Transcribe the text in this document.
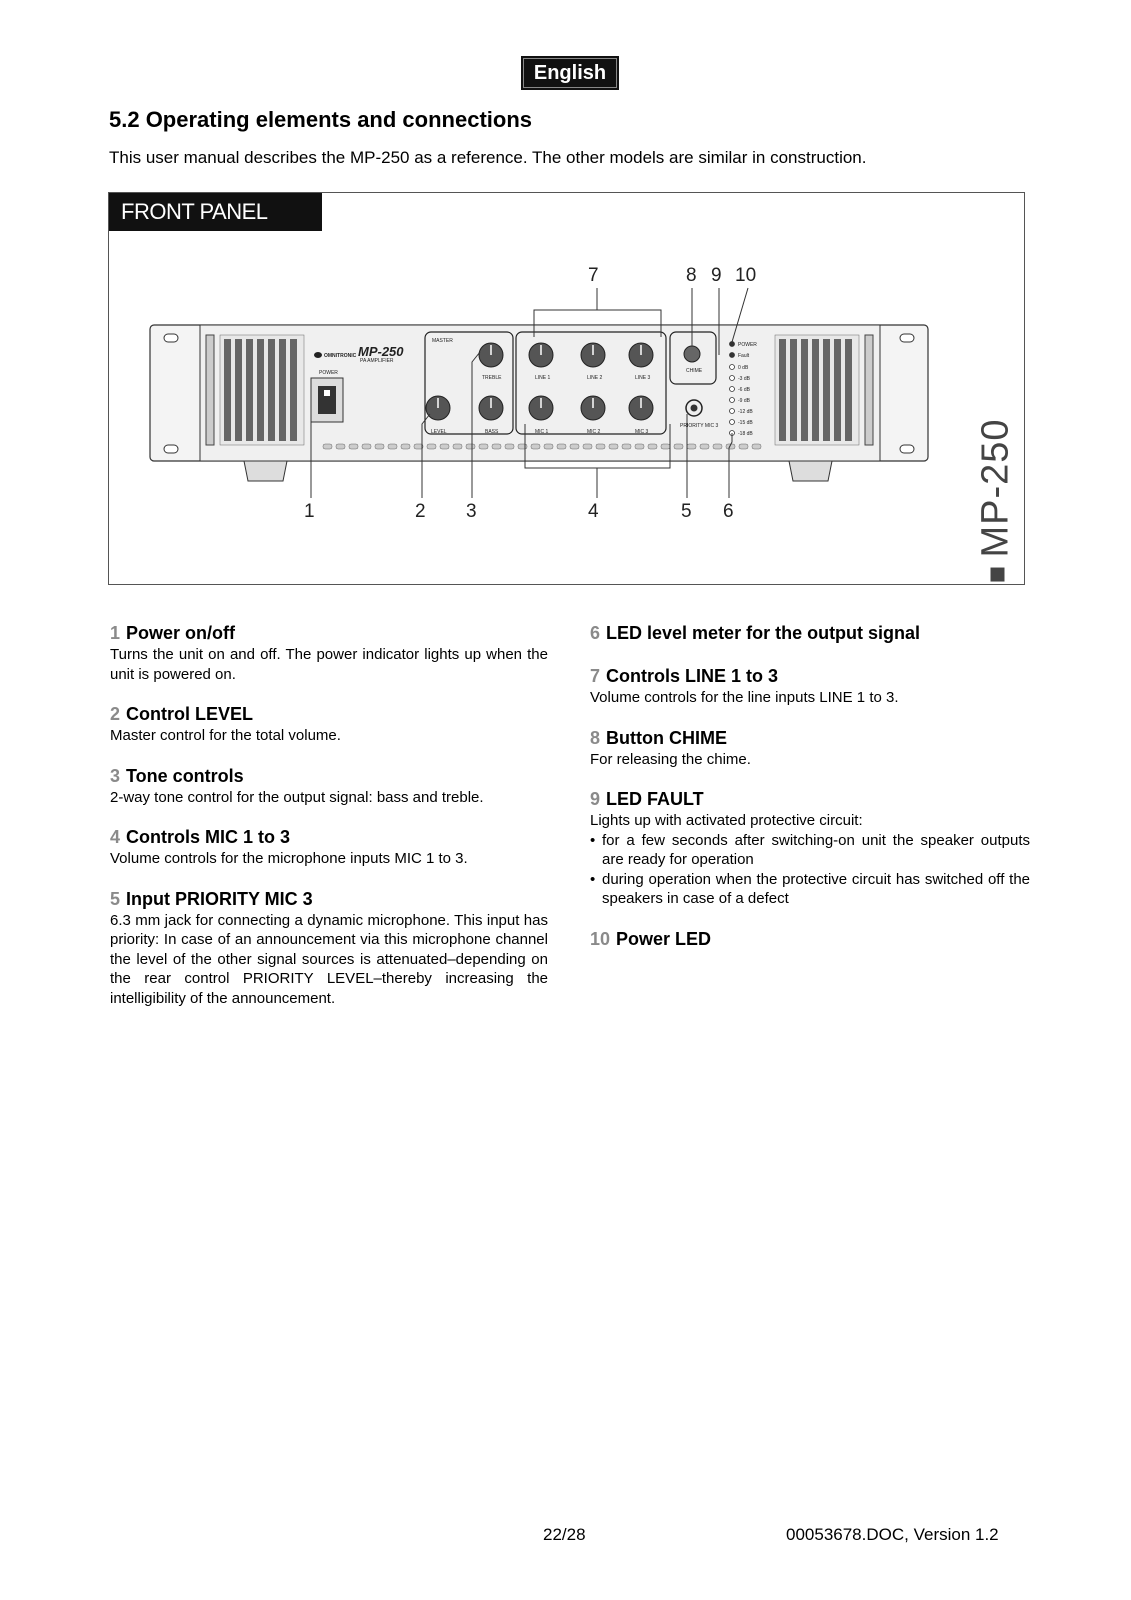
English
5.2 Operating elements and connections
This user manual describes the MP-250 as a reference. The other models are similar in construction.
FRONT PANEL
OMNITRONIC MP-250
PA AMPLIFIER
POWER
MASTER
LEVEL	BASS
TREBLE
MIC 1	MIC 2	MIC 3
LINE 1	LINE 2	LINE 3
CHIME
PRIORITY MIC 3
POWER
Fault
0 dB
-3 dB
-6 dB
-9 dB
-12 dB
-15 dB
-18 dB
7	8 9 10
1	2 3	4	5 6	MP-250
1 Power on/off
Turns the unit on and off. The power indicator lights up when the unit is powered on.
2 Control LEVEL
Master control for the total volume.
3 Tone controls
2-way tone control for the output signal: bass and treble.
4 Controls MIC 1 to 3
Volume controls for the microphone inputs MIC 1 to 3.
5 Input PRIORITY MIC 3
6.3 mm jack for connecting a dynamic microphone. This input has priority: In case of an announcement via this microphone channel the level of the other signal sources is attenuated–depending on the rear control PRIORITY LEVEL–thereby increasing the intelligibility of the announcement.
6 LED level meter for the output signal
7 Controls LINE 1 to 3
Volume controls for the line inputs LINE 1 to 3.
8 Button CHIME
For releasing the chime.
9 LED FAULT
Lights up with activated protective circuit:
• for a few seconds after switching-on unit the speaker outputs are ready for operation
• during operation when the protective circuit has switched off the speakers in case of a defect
10 Power LED
22/28	00053678.DOC, Version 1.2
